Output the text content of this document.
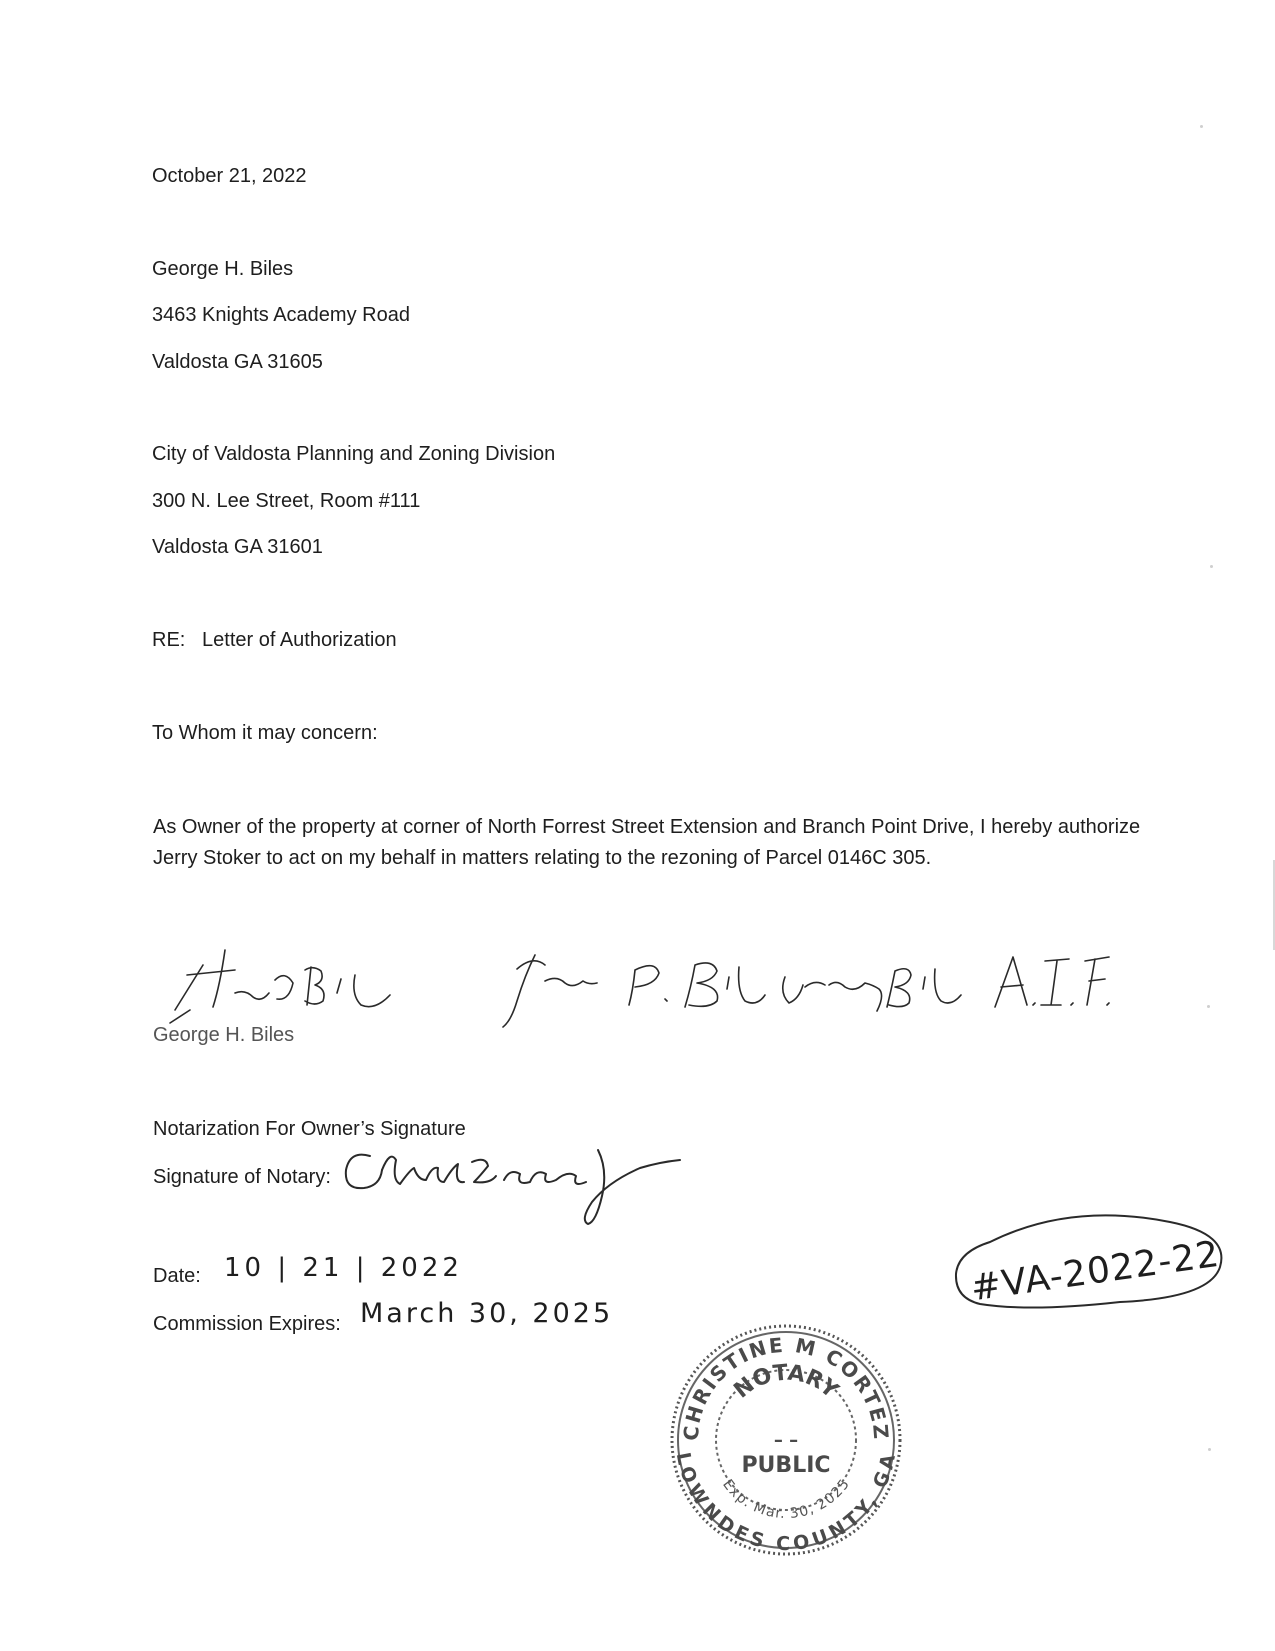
October 21, 2022
George H. Biles
3463 Knights Academy Road
Valdosta GA 31605
City of Valdosta Planning and Zoning Division
300 N. Lee Street, Room #111
Valdosta GA 31601
RE:   Letter of Authorization
To Whom it may concern:
As Owner of the property at corner of North Forrest Street Extension and Branch Point Drive, I hereby authorize Jerry Stoker to act on my behalf in matters relating to the rezoning of Parcel 0146C 305.
George H. Biles
Notarization For Owner’s Signature
Signature of Notary:
Date: 10 | 21 | 2022
Commission Expires: March 30, 2025
#VA-2022-22
CHRISTINE M CORTEZ
LOWNDES COUNTY, GA
NOTARY
– –
PUBLIC
Exp. Mar. 30, 2025
